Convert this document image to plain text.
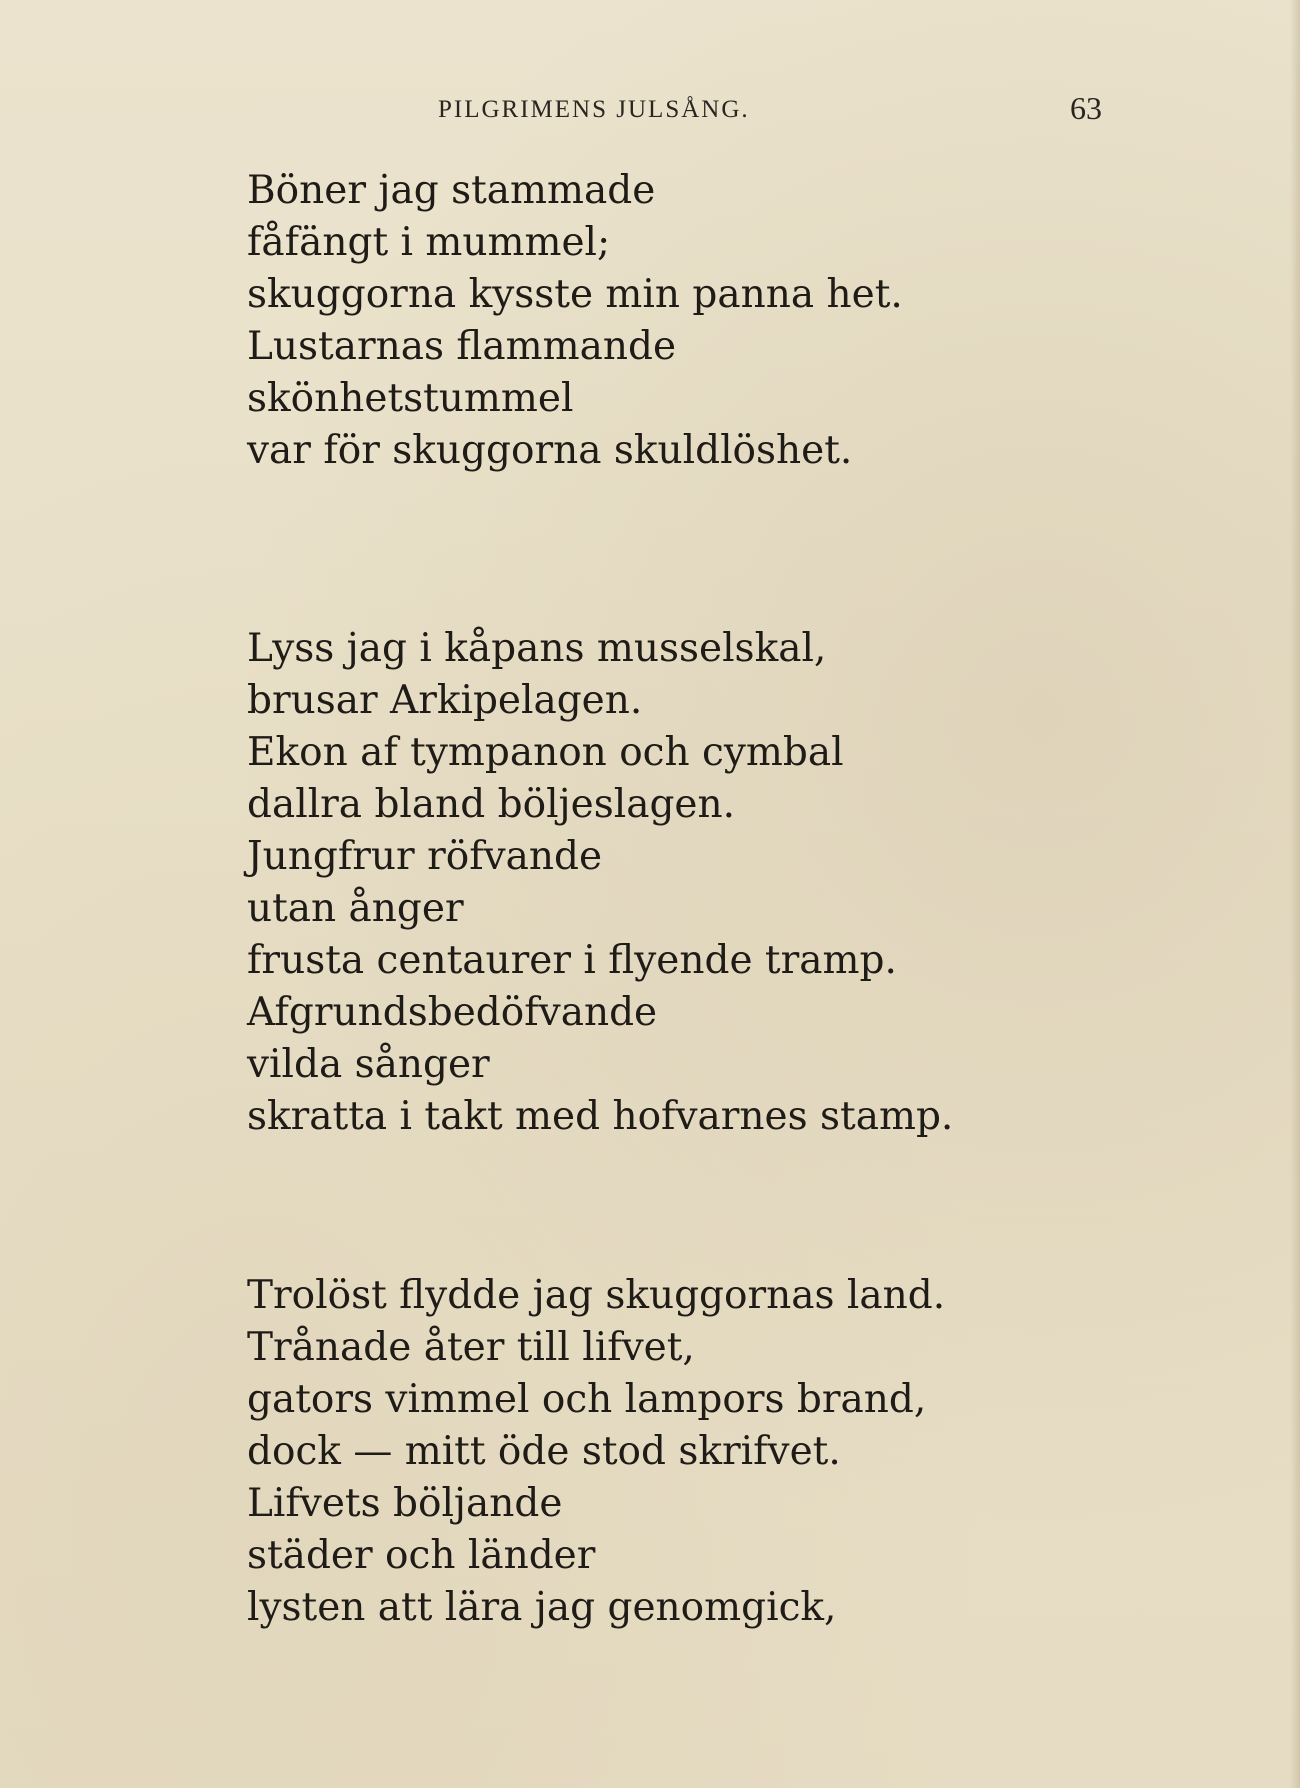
PILGRIMENS JULSÅNG.	63
Böner jag stammade
fåfängt i mummel;
skuggorna kysste min panna het.
Lustarnas flammande
skönhetstummel
var för skuggorna skuldlöshet.
Lyss jag i kåpans musselskal,
brusar Arkipelagen.
Ekon af tympanon och cymbal
dallra bland böljeslagen.
Jungfrur röfvande
utan ånger
frusta centaurer i flyende tramp.
Afgrundsbedöfvande
vilda sånger
skratta i takt med hofvarnes stamp.
Trolöst flydde jag skuggornas land.
Trånade åter till lifvet,
gators vimmel och lampors brand,
dock — mitt öde stod skrifvet.
Lifvets böljande
städer och länder
lysten att lära jag genomgick,
